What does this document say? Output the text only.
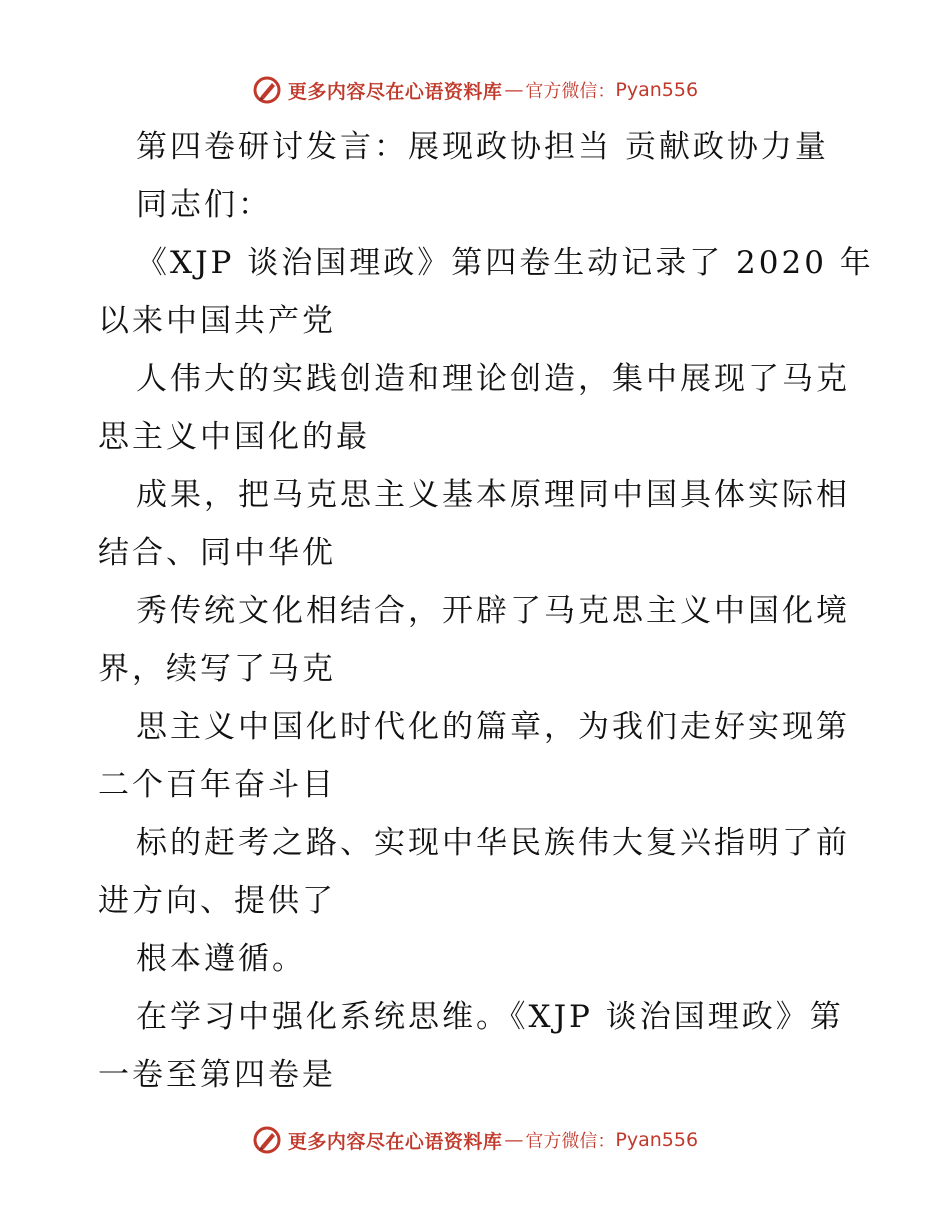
更多内容尽在心语资料库 — 官方微信： Pyan556
第四卷研讨发言：展现政协担当 贡献政协力量
同志们：
《XJP 谈治国理政》第四卷生动记录了 2020 年
以来中国共产党
人伟大的实践创造和理论创造，集中展现了马克
思主义中国化的最
成果，把马克思主义基本原理同中国具体实际相
结合、同中华优
秀传统文化相结合，开辟了马克思主义中国化境
界，续写了马克
思主义中国化时代化的篇章，为我们走好实现第
二个百年奋斗目
标的赶考之路、实现中华民族伟大复兴指明了前
进方向、提供了
根本遵循。
在学习中强化系统思维。《XJP 谈治国理政》第
一卷至第四卷是
更多内容尽在心语资料库 — 官方微信： Pyan556
